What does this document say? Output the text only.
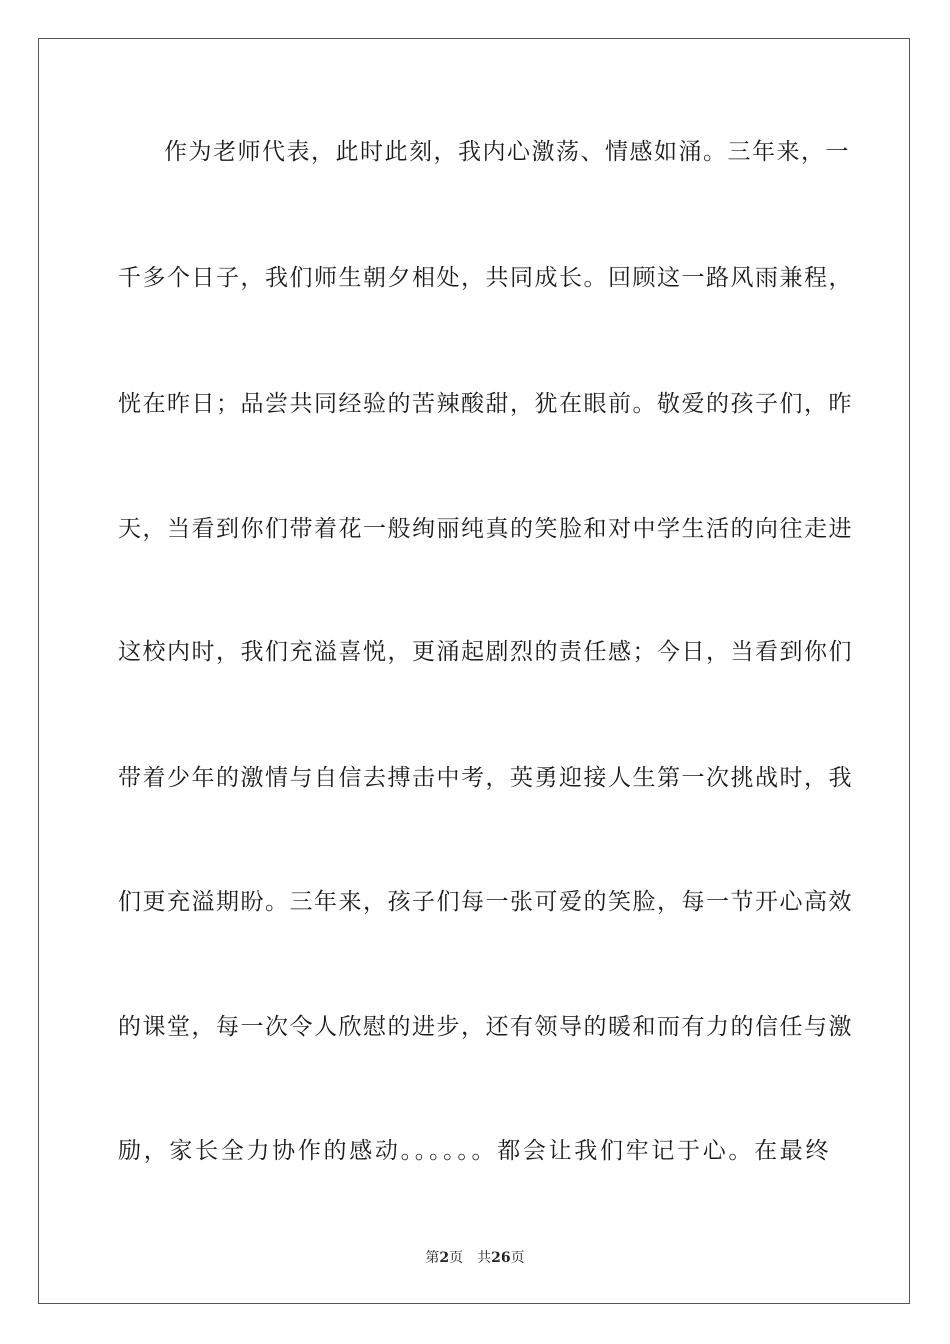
作为老师代表，此时此刻，我内心激荡、情感如涌。三年来，一
千多个日子，我们师生朝夕相处，共同成长。回顾这一路风雨兼程，
恍在昨日；品尝共同经验的苦辣酸甜，犹在眼前。敬爱的孩子们，昨
天，当看到你们带着花一般绚丽纯真的笑脸和对中学生活的向往走进
这校内时，我们充溢喜悦，更涌起剧烈的责任感；今日，当看到你们
带着少年的激情与自信去搏击中考，英勇迎接人生第一次挑战时，我
们更充溢期盼。三年来，孩子们每一张可爱的笑脸，每一节开心高效
的课堂，每一次令人欣慰的进步，还有领导的暖和而有力的信任与激
励，家长全力协作的感动。。。。。。都会让我们牢记于心。在最终
第2页 共26页
